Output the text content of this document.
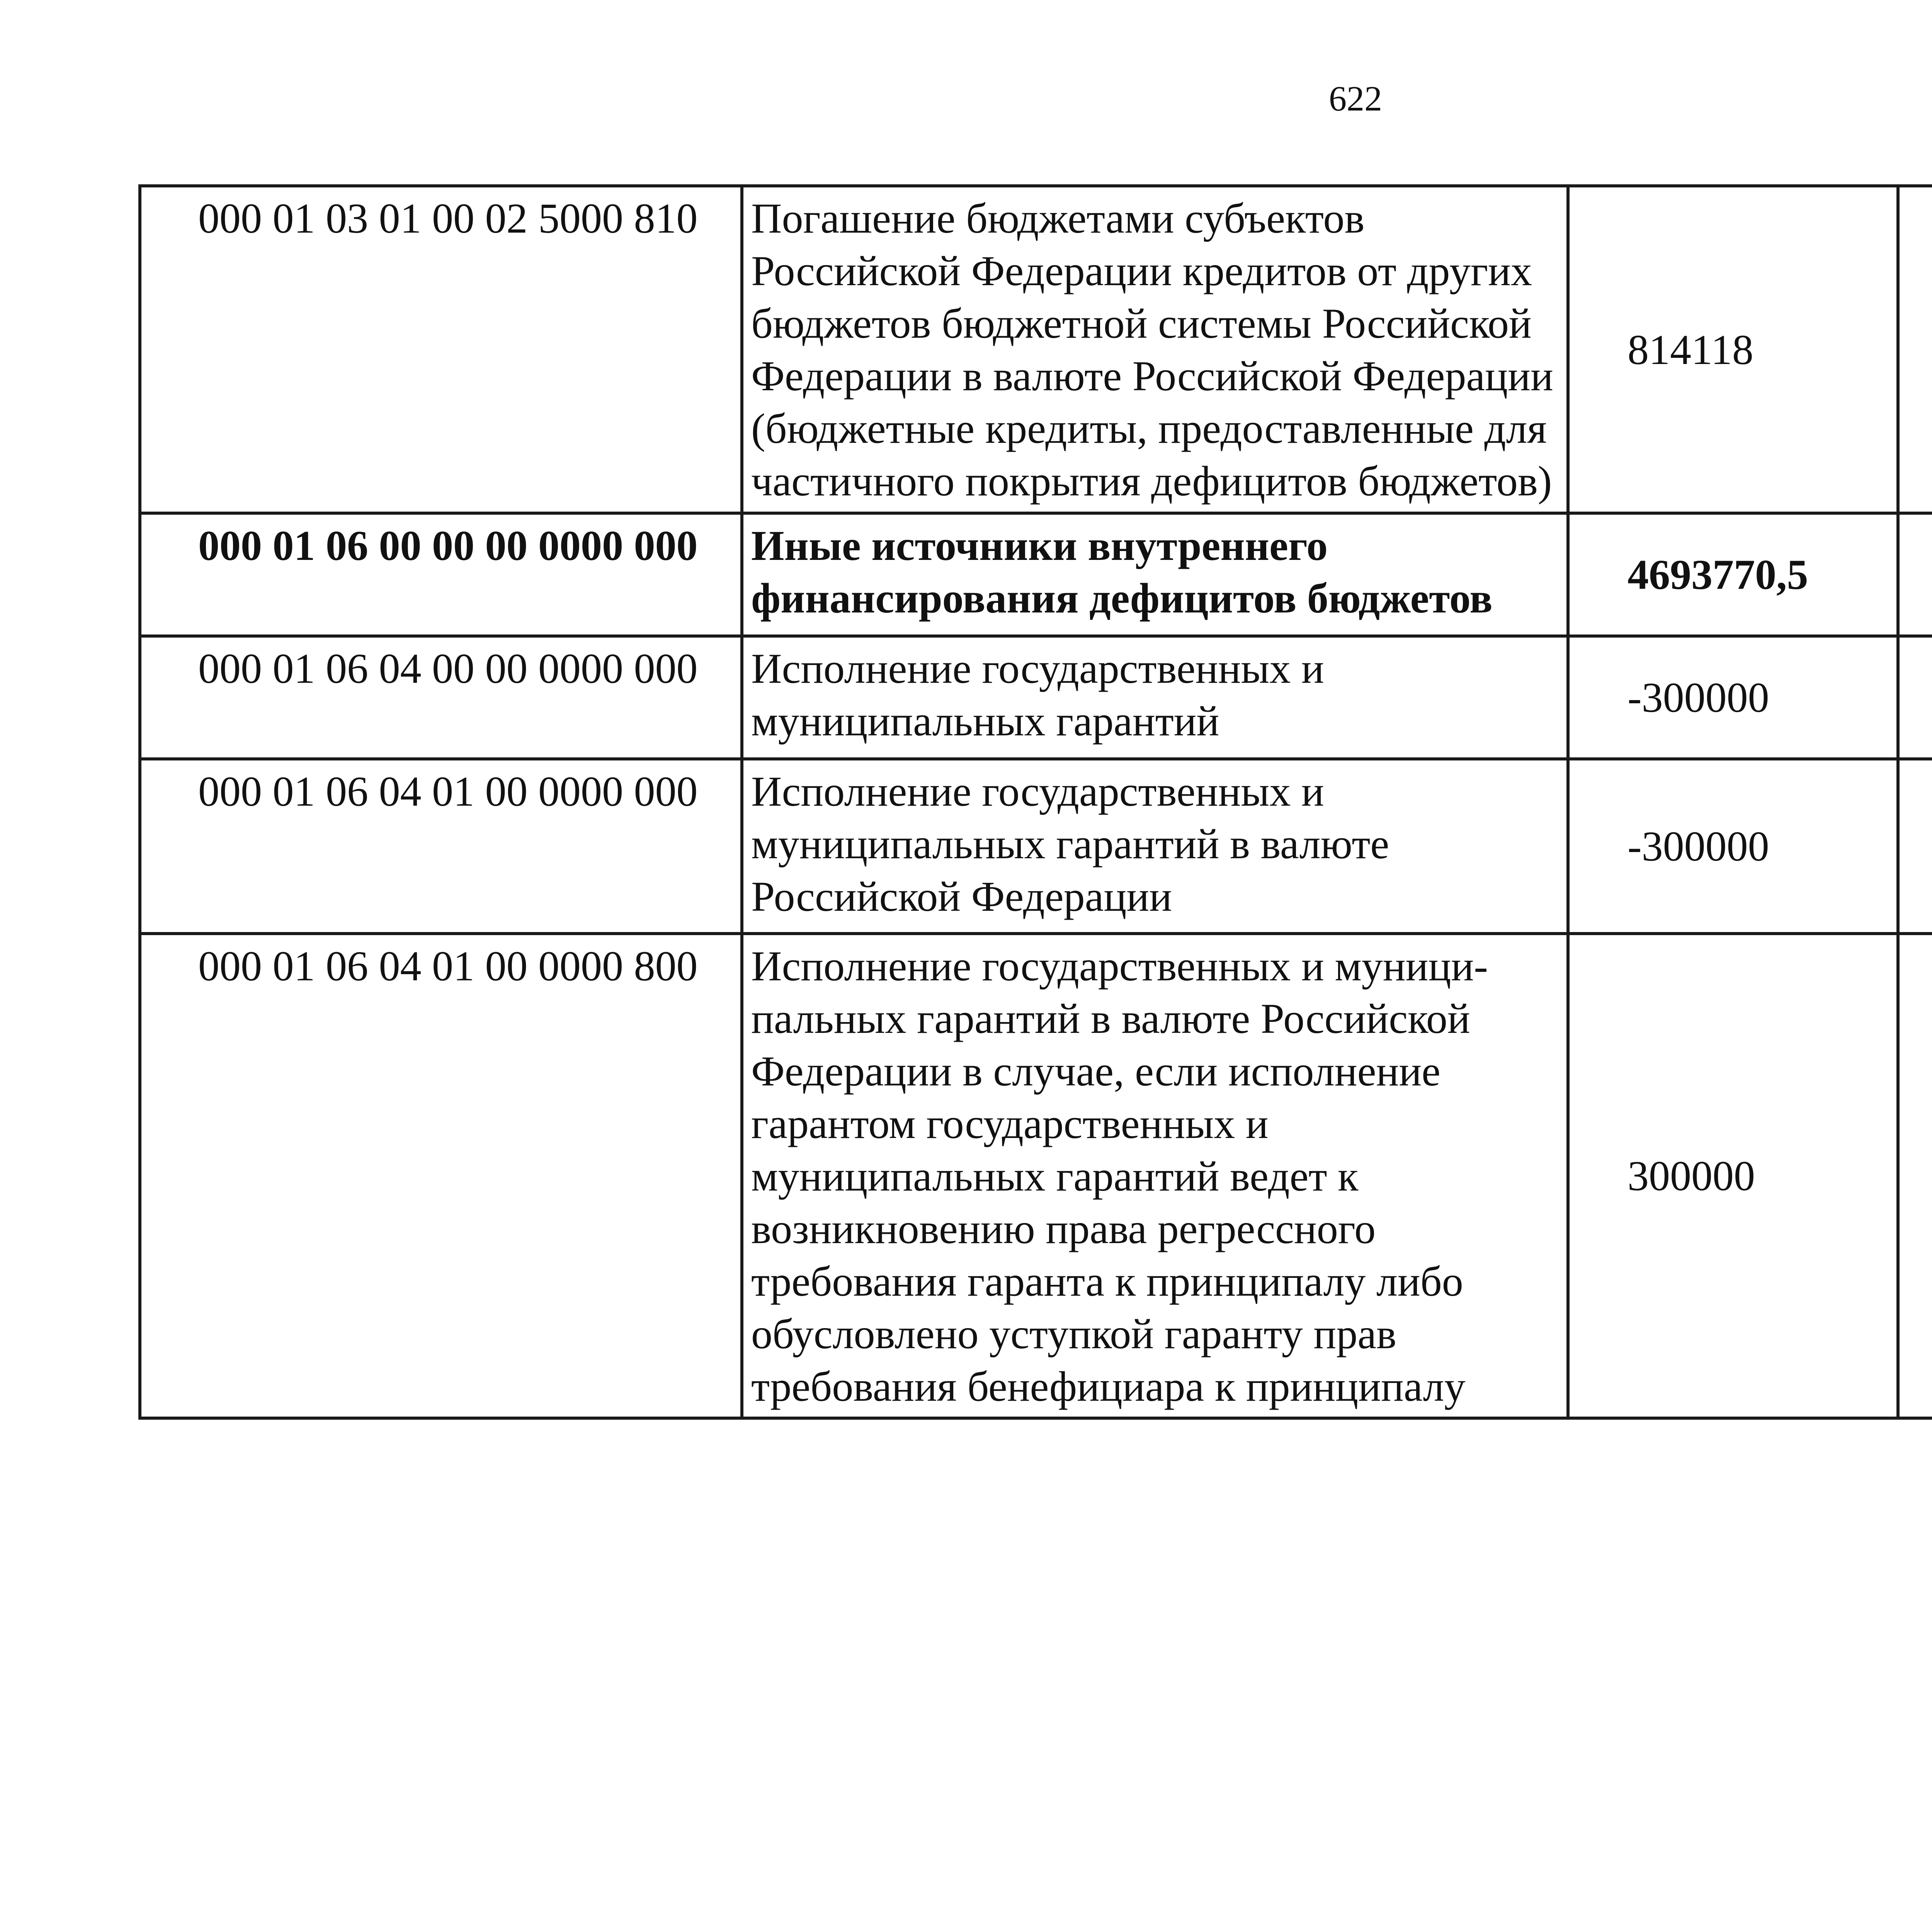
622
000 01 03 01 00 02 5000 810	Погашение бюджетами субъектов Российской Федерации кредитов от других бюджетов бюджетной системы Российской Федерации в валюте Российской Федерации (бюджетные кредиты, предоставленные для частичного покрытия дефицитов бюджетов)	814118		
000 01 06 00 00 00 0000 000	Иные источники внутреннего финансирования дефицитов бюджетов	4693770,5		
000 01 06 04 00 00 0000 000	Исполнение государственных и муниципальных гарантий	-300000		
000 01 06 04 01 00 0000 000	Исполнение государственных и муниципальных гарантий в валюте Российской Федерации	-300000		
000 01 06 04 01 00 0000 800	Исполнение государственных и муници- пальных гарантий в валюте Российской Федерации в случае, если исполнение гарантом государственных и муниципальных гарантий ведет к возникновению права регрессного требования гаранта к принципалу либо обусловлено уступкой гаранту прав требования бенефициара к принципалу	300000		
